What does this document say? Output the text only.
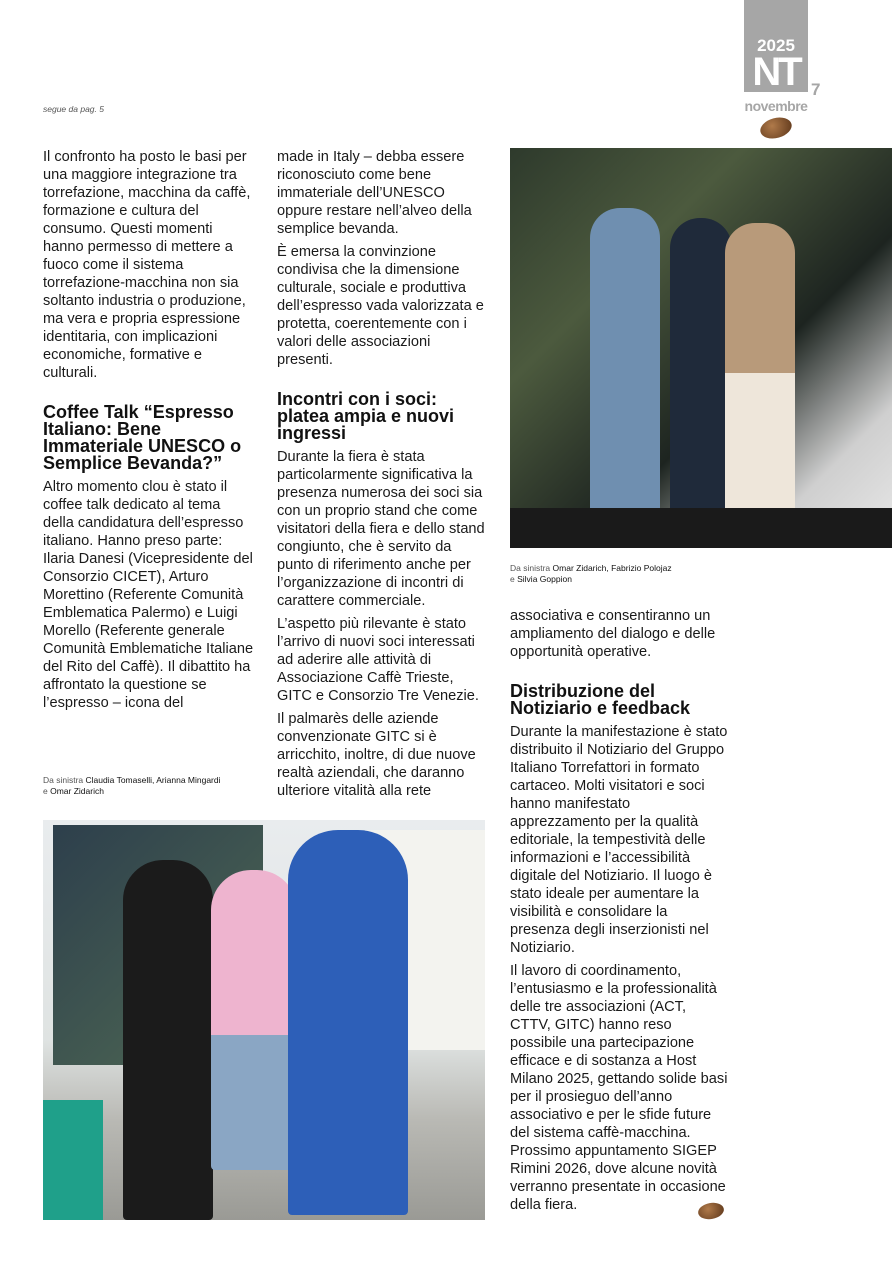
segue da pag. 5
2025
NT 7
novembre

Il confronto ha posto le basi per una maggiore integrazione tra torrefazione, macchina da caffè, formazione e cultura del consumo. Questi momenti hanno permesso di mettere a fuoco come il sistema torrefazione-macchina non sia soltanto industria o produzione, ma vera e propria espressione identitaria, con implicazioni economiche, formative e culturali.

Coffee Talk “Espresso Italiano: Bene Immateriale UNESCO o Semplice Bevanda?”

Altro momento clou è stato il coffee talk dedicato al tema della candidatura dell’espresso italiano. Hanno preso parte: Ilaria Danesi (Vicepresidente del Consorzio CICET), Arturo Morettino (Referente Comunità Emblematica Palermo) e Luigi Morello (Referente generale Comunità Emblematiche Italiane del Rito del Caffè). Il dibattito ha affrontato la questione se l’espresso – icona del

Da sinistra Claudia Tomaselli, Arianna Mingardi
e Omar Zidarich

made in Italy – debba essere riconosciuto come bene immateriale dell’UNESCO oppure restare nell’alveo della semplice bevanda.

È emersa la convinzione condivisa che la dimensione culturale, sociale e produttiva dell’espresso vada valorizzata e protetta, coerentemente con i valori delle associazioni presenti.

Incontri con i soci: platea ampia e nuovi ingressi

Durante la fiera è stata particolarmente significativa la presenza numerosa dei soci sia con un proprio stand che come visitatori della fiera e dello stand congiunto, che è servito da punto di riferimento anche per l’organizzazione di incontri di carattere commerciale.

L’aspetto più rilevante è stato l’arrivo di nuovi soci interessati ad aderire alle attività di Associazione Caffè Trieste, GITC e Consorzio Tre Venezie.

Il palmarès delle aziende convenzionate GITC si è arricchito, inoltre, di due nuove realtà aziendali, che daranno ulteriore vitalità alla rete

Da sinistra Omar Zidarich, Fabrizio Polojaz
e Silvia Goppion

associativa e consentiranno un ampliamento del dialogo e delle opportunità operative.

Distribuzione del Notiziario e feedback

Durante la manifestazione è stato distribuito il Notiziario del Gruppo Italiano Torrefattori in formato cartaceo. Molti visitatori e soci hanno manifestato apprezzamento per la qualità editoriale, la tempestività delle informazioni e l’accessibilità digitale del Notiziario. Il luogo è stato ideale per aumentare la visibilità e consolidare la presenza degli inserzionisti nel Notiziario.

Il lavoro di coordinamento, l’entusiasmo e la professionalità delle tre associazioni (ACT, CTTV, GITC) hanno reso possibile una partecipazione efficace e di sostanza a Host Milano 2025, gettando solide basi per il prosieguo dell’anno associativo e per le sfide future del sistema caffè-macchina. Prossimo appuntamento SIGEP Rimini 2026, dove alcune novità verranno presentate in occasione della fiera.
